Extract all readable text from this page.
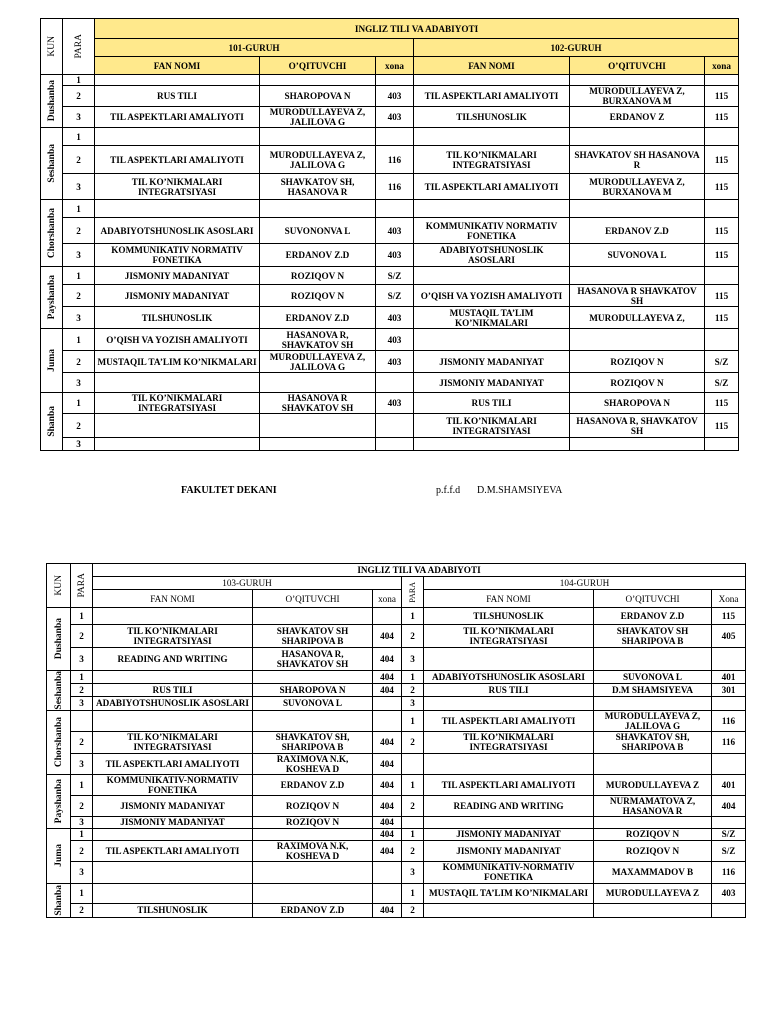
KUN	PARA	INGLIZ TILI VA ADABIYOTI					
		101-GURUH			102-GURUH		
		FAN NOMI	O’QITUVCHI	xona	FAN NOMI	O’QITUVCHI	xona

Dushanba	1						
	2	RUS TILI	SHAROPOVA N	403	TIL ASPEKTLARI AMALIYOTI	MURODULLAYEVA Z, BURXANOVA M	115
	3	TIL ASPEKTLARI AMALIYOTI	MURODULLAYEVA Z, JALILOVA G	403	TILSHUNOSLIK	ERDANOV Z	115

Seshanba	1						
	2	TIL ASPEKTLARI AMALIYOTI	MURODULLAYEVA Z, JALILOVA G	116	TIL KO’NIKMALARI INTEGRATSIYASI	SHAVKATOV SH HASANOVA R	115
	3	TIL KO’NIKMALARI INTEGRATSIYASI	SHAVKATOV SH, HASANOVA R	116	TIL ASPEKTLARI AMALIYOTI	MURODULLAYEVA Z, BURXANOVA M	115

Chorshanba	1						
	2	ADABIYOTSHUNOSLIK ASOSLARI	SUVONONVA L	403	KOMMUNIKATIV NORMATIV FONETIKA	ERDANOV Z.D	115
	3	KOMMUNIKATIV NORMATIV FONETIKA	ERDANOV Z.D	403	ADABIYOTSHUNOSLIK ASOSLARI	SUVONOVA L	115

Payshanba	1	JISMONIY MADANIYAT	ROZIQOV N	S/Z			
	2	JISMONIY MADANIYAT	ROZIQOV N	S/Z	O’QISH VA YOZISH AMALIYOTI	HASANOVA R SHAVKATOV SH	115
	3	TILSHUNOSLIK	ERDANOV Z.D	403	MUSTAQIL TA’LIM KO’NIKMALARI	MURODULLAYEVA Z,	115

Juma	1	O’QISH VA YOZISH AMALIYOTI	HASANOVA R, SHAVKATOV SH	403			
	2	MUSTAQIL TA’LIM KO’NIKMALARI	MURODULLAYEVA Z, JALILOVA G	403	JISMONIY MADANIYAT	ROZIQOV N	S/Z
	3				JISMONIY MADANIYAT	ROZIQOV N	S/Z

Shanba	1	TIL KO’NIKMALARI INTEGRATSIYASI	HASANOVA R SHAVKATOV SH	403	RUS TILI	SHAROPOVA N	115
	2				TIL KO’NIKMALARI INTEGRATSIYASI	HASANOVA R, SHAVKATOV SH	115
	3						
FAKULTET DEKANI	p.f.f.d D.M.SHAMSIYEVA
KUN	PARA	INGLIZ TILI VA ADABIYOTI						
		103-GURUH			PARA	104-GURUH		
		FAN NOMI	O’QITUVCHI	xona		FAN NOMI	O’QITUVCHI	Xona

Dushanba	1				1	TILSHUNOSLIK	ERDANOV Z.D	115
	2	TIL KO’NIKMALARI INTEGRATSIYASI	SHAVKATOV SH SHARIPOVA B	404	2	TIL KO’NIKMALARI INTEGRATSIYASI	SHAVKATOV SH SHARIPOVA B	405
	3	READING AND WRITING	HASANOVA R, SHAVKATOV SH	404	3			

Seshanba	1			404	1	ADABIYOTSHUNOSLIK ASOSLARI	SUVONOVA L	401
	2	RUS TILI	SHAROPOVA N	404	2	RUS TILI	D.M SHAMSIYEVA	301
	3	ADABIYOTSHUNOSLIK ASOSLARI	SUVONOVA L		3			

Chorshanba					1	TIL ASPEKTLARI AMALIYOTI	MURODULLAYEVA Z, JALILOVA G	116
	2	TIL KO’NIKMALARI INTEGRATSIYASI	SHAVKATOV SH, SHARIPOVA B	404	2	TIL KO’NIKMALARI INTEGRATSIYASI	SHAVKATOV SH, SHARIPOVA B	116
	3	TIL ASPEKTLARI AMALIYOTI	RAXIMOVA N.K, KOSHEVA D	404				

Payshanba	1	KOMMUNIKATIV-NORMATIV FONETIKA	ERDANOV Z.D	404	1	TIL ASPEKTLARI AMALIYOTI	MURODULLAYEVA Z	401
	2	JISMONIY MADANIYAT	ROZIQOV N	404	2	READING AND WRITING	NURMAMATOVA Z, HASANOVA R	404
	3	JISMONIY MADANIYAT	ROZIQOV N	404				

Juma	1			404	1	JISMONIY MADANIYAT	ROZIQOV N	S/Z
	2	TIL ASPEKTLARI AMALIYOTI	RAXIMOVA N.K, KOSHEVA D	404	2	JISMONIY MADANIYAT	ROZIQOV N	S/Z
	3				3	KOMMUNIKATIV-NORMATIV FONETIKA	MAXAMMADOV B	116

Shanba	1				1	MUSTAQIL TA’LIM KO’NIKMALARI	MURODULLAYEVA Z	403
	2	TILSHUNOSLIK	ERDANOV Z.D	404	2			
